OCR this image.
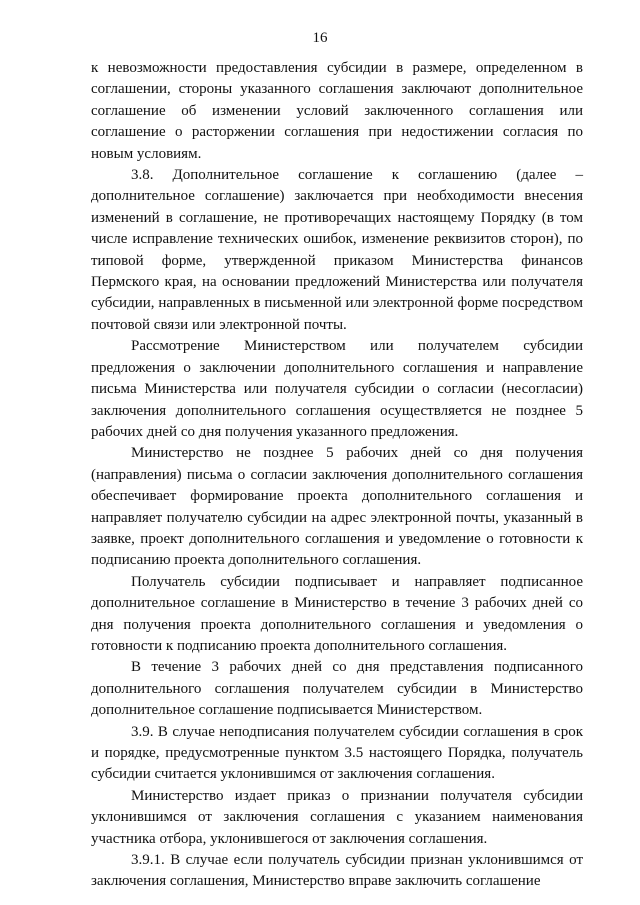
16

к невозможности предоставления субсидии в размере, определенном в соглашении, стороны указанного соглашения заключают дополнительное соглашение об изменении условий заключенного соглашения или соглашение о расторжении соглашения при недостижении согласия по новым условиям.

3.8. Дополнительное соглашение к соглашению (далее – дополнительное соглашение) заключается при необходимости внесения изменений в соглашение, не противоречащих настоящему Порядку (в том числе исправление технических ошибок, изменение реквизитов сторон), по типовой форме, утвержденной приказом Министерства финансов Пермского края, на основании предложений Министерства или получателя субсидии, направленных в письменной или электронной форме посредством почтовой связи или электронной почты.

Рассмотрение Министерством или получателем субсидии предложения о заключении дополнительного соглашения и направление письма Министерства или получателя субсидии о согласии (несогласии) заключения дополнительного соглашения осуществляется не позднее 5 рабочих дней со дня получения указанного предложения.

Министерство не позднее 5 рабочих дней со дня получения (направления) письма о согласии заключения дополнительного соглашения обеспечивает формирование проекта дополнительного соглашения и направляет получателю субсидии на адрес электронной почты, указанный в заявке, проект дополнительного соглашения и уведомление о готовности к подписанию проекта дополнительного соглашения.

Получатель субсидии подписывает и направляет подписанное дополнительное соглашение в Министерство в течение 3 рабочих дней со дня получения проекта дополнительного соглашения и уведомления о готовности к подписанию проекта дополнительного соглашения.

В течение 3 рабочих дней со дня представления подписанного дополнительного соглашения получателем субсидии в Министерство дополнительное соглашение подписывается Министерством.

3.9. В случае неподписания получателем субсидии соглашения в срок и порядке, предусмотренные пунктом 3.5 настоящего Порядка, получатель субсидии считается уклонившимся от заключения соглашения.

Министерство издает приказ о признании получателя субсидии уклонившимся от заключения соглашения с указанием наименования участника отбора, уклонившегося от заключения соглашения.

3.9.1. В случае если получатель субсидии признан уклонившимся от заключения соглашения, Министерство вправе заключить соглашение
